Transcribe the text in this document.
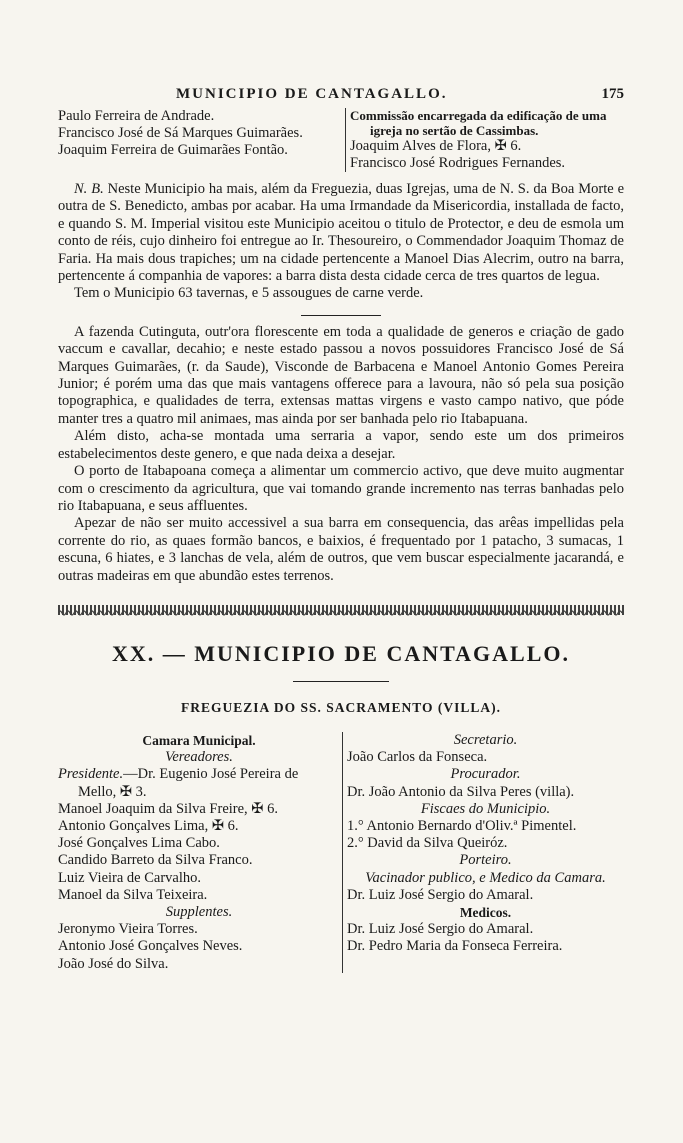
MUNICIPIO DE CANTAGALLO.	175
Paulo Ferreira de Andrade.
Francisco José de Sá Marques Guimarães.
Joaquim Ferreira de Guimarães Fontão.
Commissão encarregada da edificação de uma igreja no sertão de Cassimbas.
Joaquim Alves de Flora, ✠ 6.
Francisco José Rodrigues Fernandes.

N. B. Neste Municipio ha mais, além da Freguezia, duas Igrejas, uma de N. S. da Boa Morte e outra de S. Benedicto, ambas por acabar. Ha uma Irmandade da Misericordia, installada de facto, e quando S. M. Imperial visitou este Municipio aceitou o titulo de Protector, e deu de esmola um conto de réis, cujo dinheiro foi entregue ao Ir. Thesoureiro, o Commendador Joaquim Thomaz de Faria. Ha mais dous trapiches; um na cidade pertencente a Manoel Dias Alecrim, outro na barra, pertencente á companhia de vapores: a barra dista desta cidade cerca de tres quartos de legua.

Tem o Municipio 63 tavernas, e 5 assougues de carne verde.

A fazenda Cutinguta, outr'ora florescente em toda a qualidade de generos e criação de gado vaccum e cavallar, decahio; e neste estado passou a novos possuidores Francisco José de Sá Marques Guimarães, (r. da Saude), Visconde de Barbacena e Manoel Antonio Gomes Pereira Junior; é porém uma das que mais vantagens offerece para a lavoura, não só pela sua posição topographica, e qualidades de terra, extensas mattas virgens e vasto campo nativo, que póde manter tres a quatro mil animaes, mas ainda por ser banhada pelo rio Itabapuana.

Além disto, acha-se montada uma serraria a vapor, sendo este um dos primeiros estabelecimentos deste genero, e que nada deixa a desejar.

O porto de Itabapoana começa a alimentar um commercio activo, que deve muito augmentar com o crescimento da agricultura, que vai tomando grande incremento nas terras banhadas pelo rio Itabapuana, e seus affluentes.

Apezar de não ser muito accessivel a sua barra em consequencia, das arêas impellidas pela corrente do rio, as quaes formão bancos, e baixios, é frequentado por 1 patacho, 3 sumacas, 1 escuna, 6 hiates, e 3 lanchas de vela, além de outros, que vem buscar especialmente jacarandá, e outras madeiras em que abundão estes terrenos.

XX. — MUNICIPIO DE CANTAGALLO.
FREGUEZIA DO SS. SACRAMENTO (VILLA).
Camara Municipal.
Vereadores.
Presidente.—Dr. Eugenio José Pereira de Mello, ✠ 3.
Manoel Joaquim da Silva Freire, ✠ 6.
Antonio Gonçalves Lima, ✠ 6.
José Gonçalves Lima Cabo.
Candido Barreto da Silva Franco.
Luiz Vieira de Carvalho.
Manoel da Silva Teixeira.
Supplentes.
Jeronymo Vieira Torres.
Antonio José Gonçalves Neves.
João José do Silva.
Secretario.
João Carlos da Fonseca.
Procurador.
Dr. João Antonio da Silva Peres (villa).
Fiscaes do Municipio.
1.° Antonio Bernardo d'Oliv.ª Pimentel.
2.° David da Silva Queiróz.
Porteiro.
Vacinador publico, e Medico da Camara.
Dr. Luiz José Sergio do Amaral.
Medicos.
Dr. Luiz José Sergio do Amaral.
Dr. Pedro Maria da Fonseca Ferreira.
